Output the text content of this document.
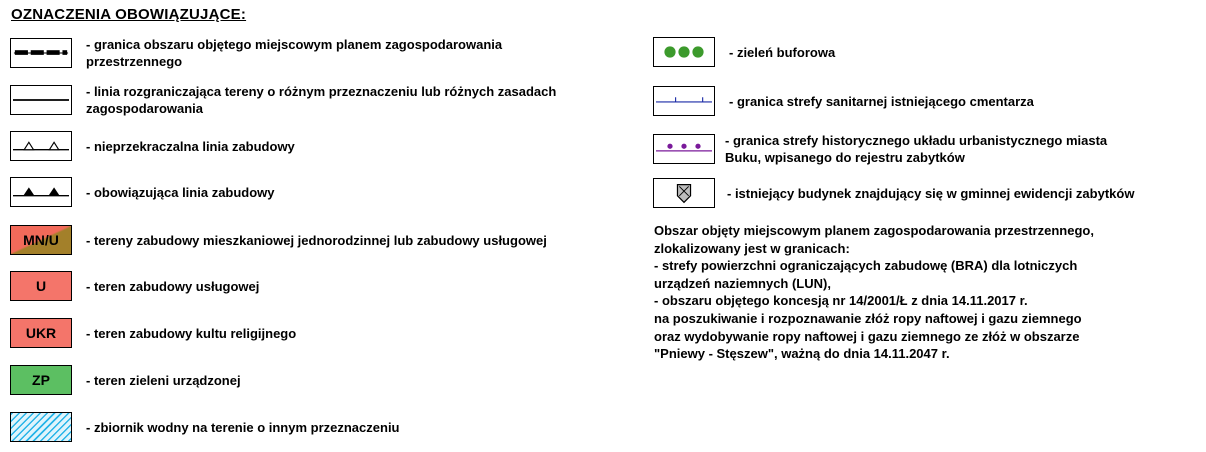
OZNACZENIA OBOWIĄZUJĄCE:
- granica obszaru objętego miejscowym planem zagospodarowania przestrzennego
- linia rozgraniczająca tereny o różnym przeznaczeniu lub różnych zasadach zagospodarowania
- nieprzekraczalna linia zabudowy
- obowiązująca linia zabudowy
MN/U	- tereny zabudowy mieszkaniowej jednorodzinnej lub zabudowy usługowej
U	- teren zabudowy usługowej
UKR	- teren zabudowy kultu religijnego
ZP	- teren zieleni urządzonej
- zbiornik wodny na terenie o innym przeznaczeniu
- zieleń buforowa
- granica strefy sanitarnej istniejącego cmentarza
- granica strefy historycznego układu urbanistycznego miasta Buku, wpisanego do rejestru zabytków
- istniejący budynek znajdujący się w gminnej ewidencji zabytków
Obszar objęty miejscowym planem zagospodarowania przestrzennego,
zlokalizowany jest w granicach:
- strefy powierzchni ograniczających zabudowę (BRA) dla lotniczych
urządzeń naziemnych (LUN),
- obszaru objętego koncesją nr 14/2001/Ł z dnia 14.11.2017 r.
na poszukiwanie i rozpoznawanie złóż ropy naftowej i gazu ziemnego
oraz wydobywanie ropy naftowej i gazu ziemnego ze złóż w obszarze
"Pniewy - Stęszew", ważną do dnia 14.11.2047 r.
